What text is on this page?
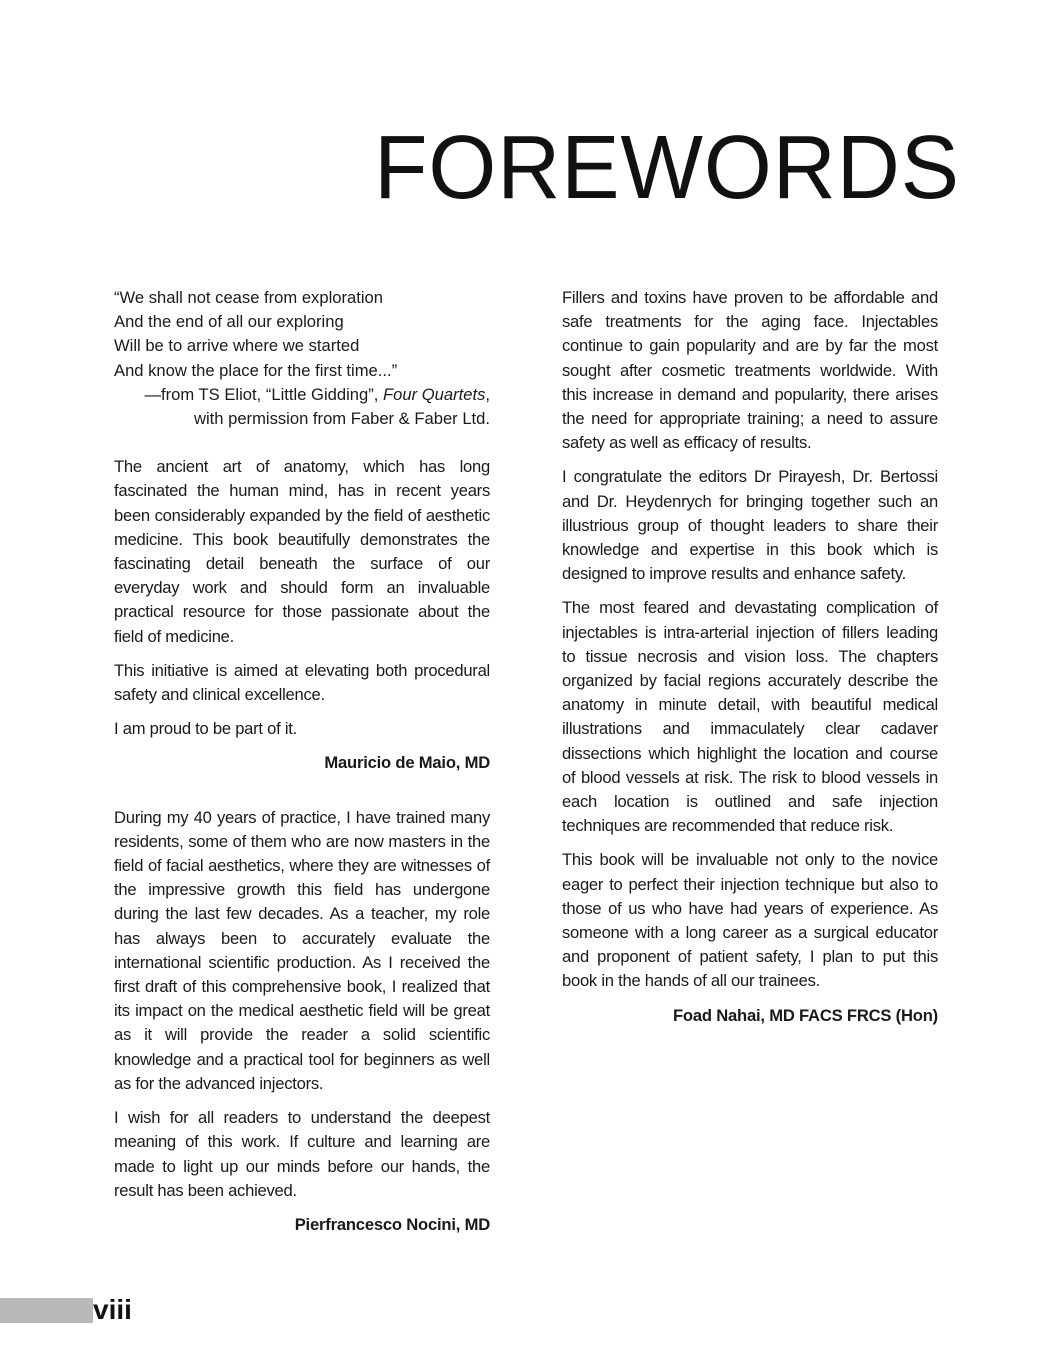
FOREWORDS
“We shall not cease from exploration
And the end of all our exploring
Will be to arrive where we started
And know the place for the first time...”
—from TS Eliot, “Little Gidding”, Four Quartets,
with permission from Faber & Faber Ltd.

The ancient art of anatomy, which has long fascinated the human mind, has in recent years been considerably expanded by the field of aesthetic medicine. This book beautifully demonstrates the fascinating detail beneath the surface of our everyday work and should form an invaluable practical resource for those passionate about the field of medicine.

This initiative is aimed at elevating both procedural safety and clinical excellence.

I am proud to be part of it.

Mauricio de Maio, MD

During my 40 years of practice, I have trained many residents, some of them who are now masters in the field of facial aesthetics, where they are witnesses of the impressive growth this field has undergone during the last few decades. As a teacher, my role has always been to accurately evaluate the international scientific production. As I received the first draft of this comprehensive book, I realized that its impact on the medical aesthetic field will be great as it will provide the reader a solid scientific knowledge and a practical tool for beginners as well as for the advanced injectors.

I wish for all readers to understand the deepest meaning of this work. If culture and learning are made to light up our minds before our hands, the result has been achieved.

Pierfrancesco Nocini, MD

Fillers and toxins have proven to be affordable and safe treatments for the aging face. Injectables continue to gain popularity and are by far the most sought after cosmetic treatments worldwide. With this increase in demand and popularity, there arises the need for appropriate training; a need to assure safety as well as efficacy of results.

I congratulate the editors Dr Pirayesh, Dr. Bertossi and Dr. Heydenrych for bringing together such an illustrious group of thought leaders to share their knowledge and expertise in this book which is designed to improve results and enhance safety.

The most feared and devastating complication of injectables is intra-arterial injection of fillers leading to tissue necrosis and vision loss. The chapters organized by facial regions accurately describe the anatomy in minute detail, with beautiful medical illustrations and immaculately clear cadaver dissections which highlight the location and course of blood vessels at risk. The risk to blood vessels in each location is outlined and safe injection techniques are recommended that reduce risk.

This book will be invaluable not only to the novice eager to perfect their injection technique but also to those of us who have had years of experience. As someone with a long career as a surgical educator and proponent of patient safety, I plan to put this book in the hands of all our trainees.

Foad Nahai, MD FACS FRCS (Hon)
viii
